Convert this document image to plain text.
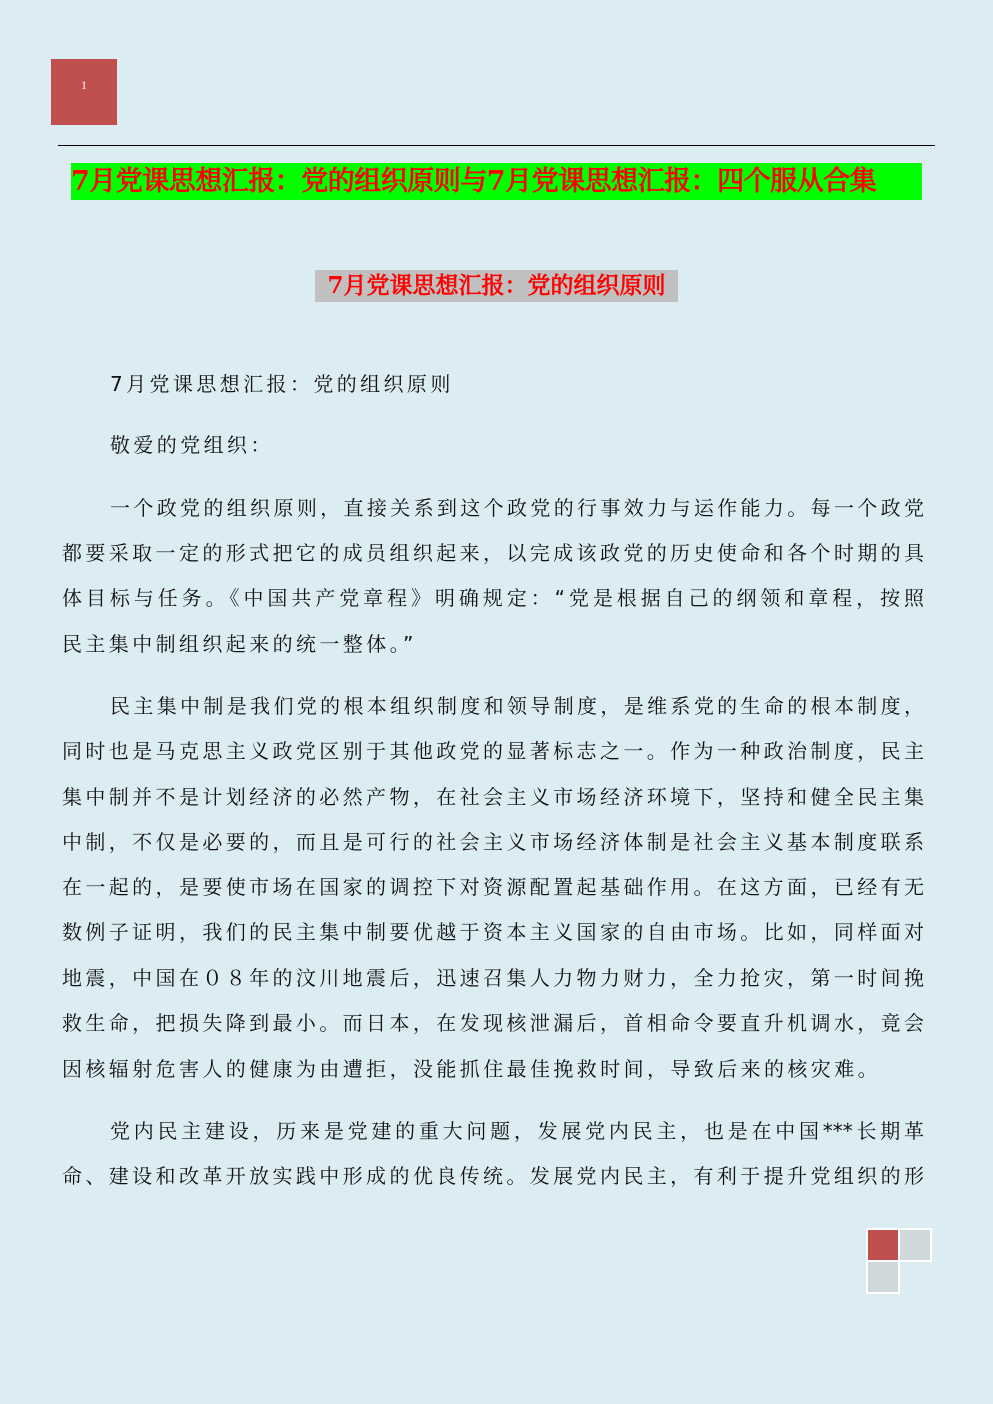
1
7月党课思想汇报：党的组织原则与7月党课思想汇报：四个服从合集
7月党课思想汇报：党的组织原则
7月党课思想汇报：党的组织原则
敬爱的党组织：
一个政党的组织原则，直接关系到这个政党的行事效力与运作能力。每一个政党
都要采取一定的形式把它的成员组织起来，以完成该政党的历史使命和各个时期的具
体目标与任务。《中国共产党章程》明确规定：“党是根据自己的纲领和章程，按照
民主集中制组织起来的统一整体。”
民主集中制是我们党的根本组织制度和领导制度，是维系党的生命的根本制度，
同时也是马克思主义政党区别于其他政党的显著标志之一。作为一种政治制度，民主
集中制并不是计划经济的必然产物，在社会主义市场经济环境下，坚持和健全民主集
中制，不仅是必要的，而且是可行的社会主义市场经济体制是社会主义基本制度联系
在一起的，是要使市场在国家的调控下对资源配置起基础作用。在这方面，已经有无
数例子证明，我们的民主集中制要优越于资本主义国家的自由市场。比如，同样面对
地震，中国在０８年的汶川地震后，迅速召集人力物力财力，全力抢灾，第一时间挽
救生命，把损失降到最小。而日本，在发现核泄漏后，首相命令要直升机调水，竟会
因核辐射危害人的健康为由遭拒，没能抓住最佳挽救时间，导致后来的核灾难。
党内民主建设，历来是党建的重大问题，发展党内民主，也是在中国***长期革
命、建设和改革开放实践中形成的优良传统。发展党内民主，有利于提升党组织的形
